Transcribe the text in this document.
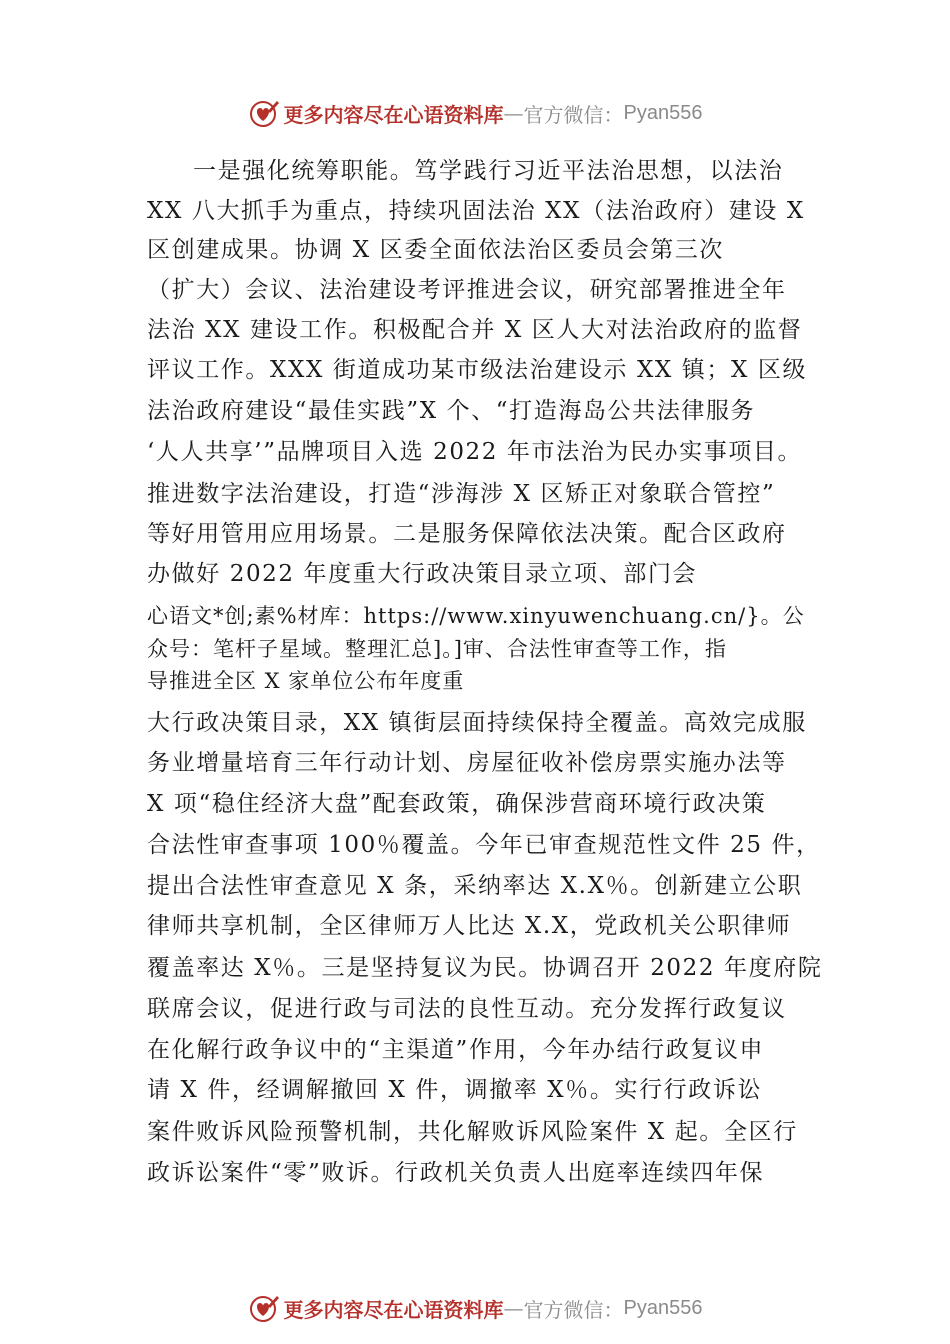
更多内容尽在心语资料库 — 官方微信： Pyan556
一是强化统筹职能。笃学践行习近平法治思想，以法治
XX 八大抓手为重点，持续巩固法治 XX（法治政府）建设 X
区创建成果。协调 X 区委全面依法治区委员会第三次
（扩大）会议、法治建设考评推进会议，研究部署推进全年
法治 XX 建设工作。积极配合并 X 区人大对法治政府的监督
评议工作。XXX 街道成功某市级法治建设示 XX 镇；X 区级
法治政府建设“最佳实践”X 个、“打造海岛公共法律服务
‘人人共享’”品牌项目入选 2022 年市法治为民办实事项目。
推进数字法治建设，打造“涉海涉 X 区矫正对象联合管控”
等好用管用应用场景。二是服务保障依法决策。配合区政府
办做好 2022 年度重大行政决策目录立项、部门会
心语文*创;素%材库：https://www.xinyuwenchuang.cn/}。公
众号：笔杆子星域。整理汇总]。]审、合法性审查等工作，指
导推进全区 X 家单位公布年度重
大行政决策目录，XX 镇街层面持续保持全覆盖。高效完成服
务业增量培育三年行动计划、房屋征收补偿房票实施办法等
X 项“稳住经济大盘”配套政策，确保涉营商环境行政决策
合法性审查事项 100％覆盖。今年已审查规范性文件 25 件，
提出合法性审查意见 X 条，采纳率达 X.X％。创新建立公职
律师共享机制，全区律师万人比达 X.X，党政机关公职律师
覆盖率达 X％。三是坚持复议为民。协调召开 2022 年度府院
联席会议，促进行政与司法的良性互动。充分发挥行政复议
在化解行政争议中的“主渠道”作用，今年办结行政复议申
请 X 件，经调解撤回 X 件，调撤率 X％。实行行政诉讼
案件败诉风险预警机制，共化解败诉风险案件 X 起。全区行
政诉讼案件“零”败诉。行政机关负责人出庭率连续四年保
更多内容尽在心语资料库 — 官方微信： Pyan556
